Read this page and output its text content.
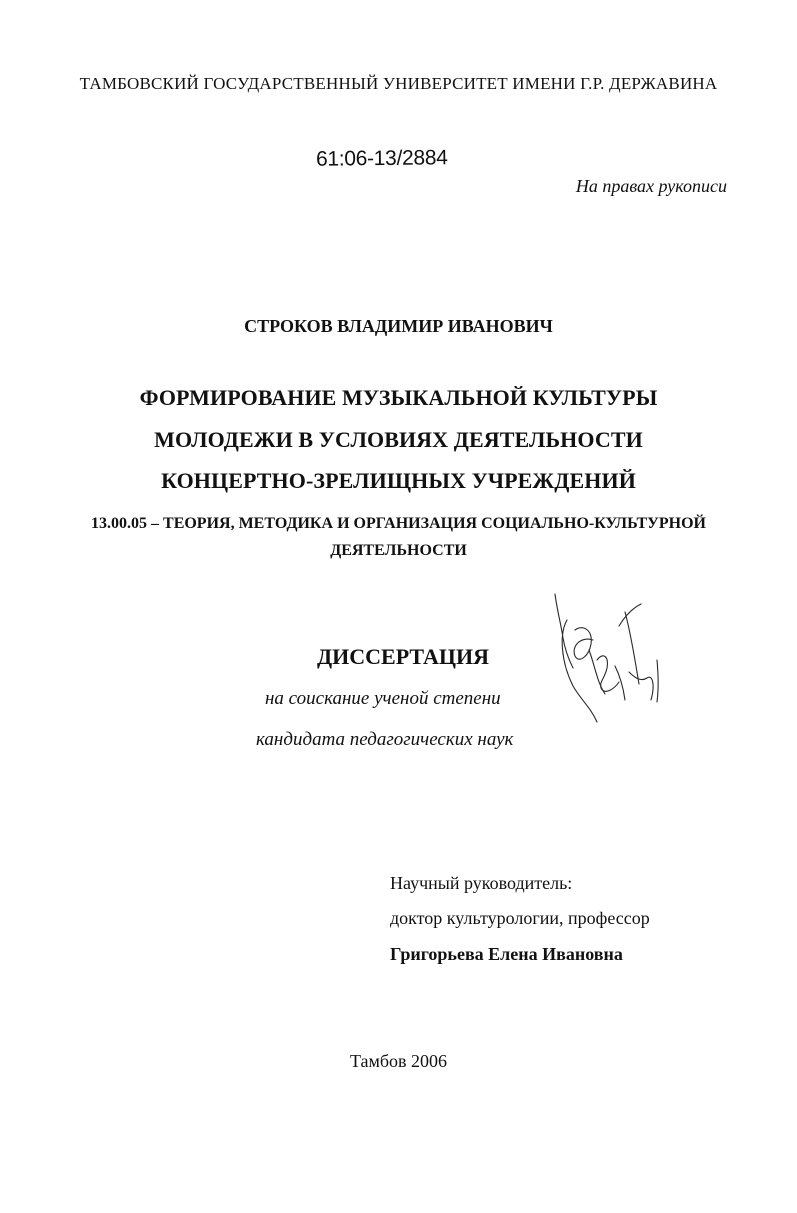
ТАМБОВСКИЙ ГОСУДАРСТВЕННЫЙ УНИВЕРСИТЕТ ИМЕНИ Г.Р. ДЕРЖАВИНА
61:06-13/2884
На правах рукописи
СТРОКОВ ВЛАДИМИР ИВАНОВИЧ
ФОРМИРОВАНИЕ МУЗЫКАЛЬНОЙ КУЛЬТУРЫ
МОЛОДЕЖИ В УСЛОВИЯХ ДЕЯТЕЛЬНОСТИ
КОНЦЕРТНО-ЗРЕЛИЩНЫХ УЧРЕЖДЕНИЙ
13.00.05 – ТЕОРИЯ, МЕТОДИКА И ОРГАНИЗАЦИЯ СОЦИАЛЬНО-КУЛЬТУРНОЙ
ДЕЯТЕЛЬНОСТИ
ДИССЕРТАЦИЯ
на соискание ученой степени
кандидата педагогических наук
Научный руководитель:
доктор культурологии, профессор
Григорьева Елена Ивановна
Тамбов 2006
